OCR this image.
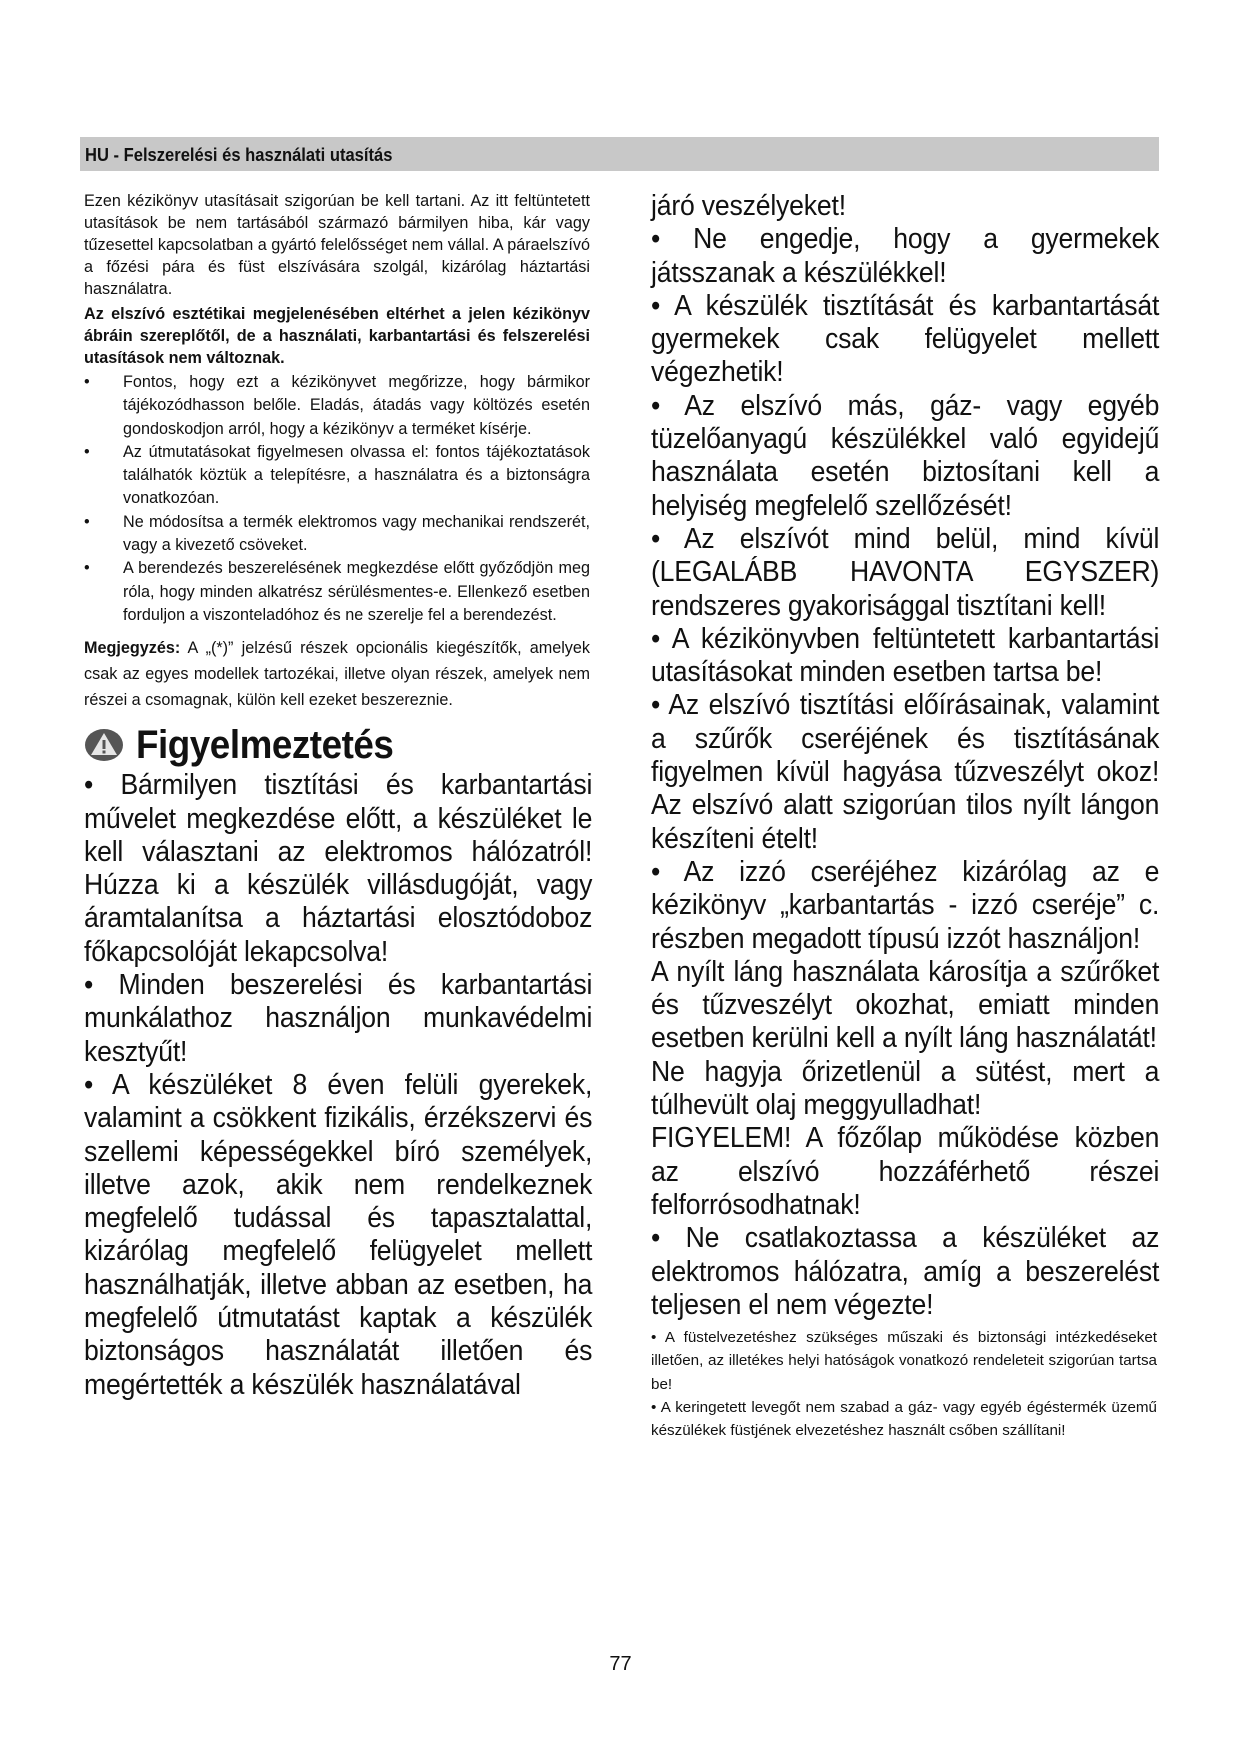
HU - Felszerelési és használati utasítás

Ezen kézikönyv utasításait szigorúan be kell tartani. Az itt feltüntetett utasítások be nem tartásából származó bármilyen hiba, kár vagy tűzesettel kapcsolatban a gyártó felelősséget nem vállal. A páraelszívó a főzési pára és füst elszívására szolgál, kizárólag háztartási használatra.

Az elszívó esztétikai megjelenésében eltérhet a jelen kézikönyv ábráin szereplőtől, de a használati, karbantartási és felszerelési utasítások nem változnak.

• Fontos, hogy ezt a kézikönyvet megőrizze, hogy bármikor tájékozódhasson belőle. Eladás, átadás vagy költözés esetén gondoskodjon arról, hogy a kézikönyv a terméket kísérje.

• Az útmutatásokat figyelmesen olvassa el: fontos tájékoztatások találhatók köztük a telepítésre, a használatra és a biztonságra vonatkozóan.

• Ne módosítsa a termék elektromos vagy mechanikai rendszerét, vagy a kivezető csöveket.

• A berendezés beszerelésének megkezdése előtt győződjön meg róla, hogy minden alkatrész sérülésmentes-e. Ellenkező esetben forduljon a viszonteladóhoz és ne szerelje fel a berendezést.

Megjegyzés: A „(*)” jelzésű részek opcionális kiegészítők, amelyek csak az egyes modellek tartozékai, illetve olyan részek, amelyek nem részei a csomagnak, külön kell ezeket beszereznie.

Figyelmeztetés

• Bármilyen tisztítási és karbantartási művelet megkezdése előtt, a készüléket le kell választani az elektromos hálózatról! Húzza ki a készülék villásdugóját, vagy áramtalanítsa a háztartási elosztódoboz főkapcsolóját lekapcsolva!

• Minden beszerelési és karbantartási munkálathoz használjon munkavédelmi kesztyűt!

• A készüléket 8 éven felüli gyerekek, valamint a csökkent fizikális, érzékszervi és szellemi képességekkel bíró személyek, illetve azok, akik nem rendelkeznek megfelelő tudással és tapasztalattal, kizárólag megfelelő felügyelet mellett használhatják, illetve abban az esetben, ha megfelelő útmutatást kaptak a készülék biztonságos használatát illetően és megértették a készülék használatával

járó veszélyeket!

• Ne engedje, hogy a gyermekek játsszanak a készülékkel!

• A készülék tisztítását és karbantartását gyermekek csak felügyelet mellett végezhetik!

• Az elszívó más, gáz- vagy egyéb tüzelőanyagú készülékkel való egyidejű használata esetén biztosítani kell a helyiség megfelelő szellőzését!

• Az elszívót mind belül, mind kívül (LEGALÁBB HAVONTA EGYSZER) rendszeres gyakorisággal tisztítani kell!

• A kézikönyvben feltüntetett karbantartási utasításokat minden esetben tartsa be!

• Az elszívó tisztítási előírásainak, valamint a szűrők cseréjének és tisztításának figyelmen kívül hagyása tűzveszélyt okoz! Az elszívó alatt szigorúan tilos nyílt lángon készíteni ételt!

• Az izzó cseréjéhez kizárólag az e kézikönyv „karbantartás - izzó cseréje” c. részben megadott típusú izzót használjon!

A nyílt láng használata károsítja a szűrőket és tűzveszélyt okozhat, emiatt minden esetben kerülni kell a nyílt láng használatát!

Ne hagyja őrizetlenül a sütést, mert a túlhevült olaj meggyulladhat!

FIGYELEM! A főzőlap működése közben az elszívó hozzáférhető részei felforrósodhatnak!

• Ne csatlakoztassa a készüléket az elektromos hálózatra, amíg a beszerelést teljesen el nem végezte!

• A füstelvezetéshez szükséges műszaki és biztonsági intézkedéseket illetően, az illetékes helyi hatóságok vonatkozó rendeleteit szigorúan tartsa be!

• A keringetett levegőt nem szabad a gáz- vagy egyéb égéstermék üzemű készülékek füstjének elvezetéshez használt csőben szállítani!

77
